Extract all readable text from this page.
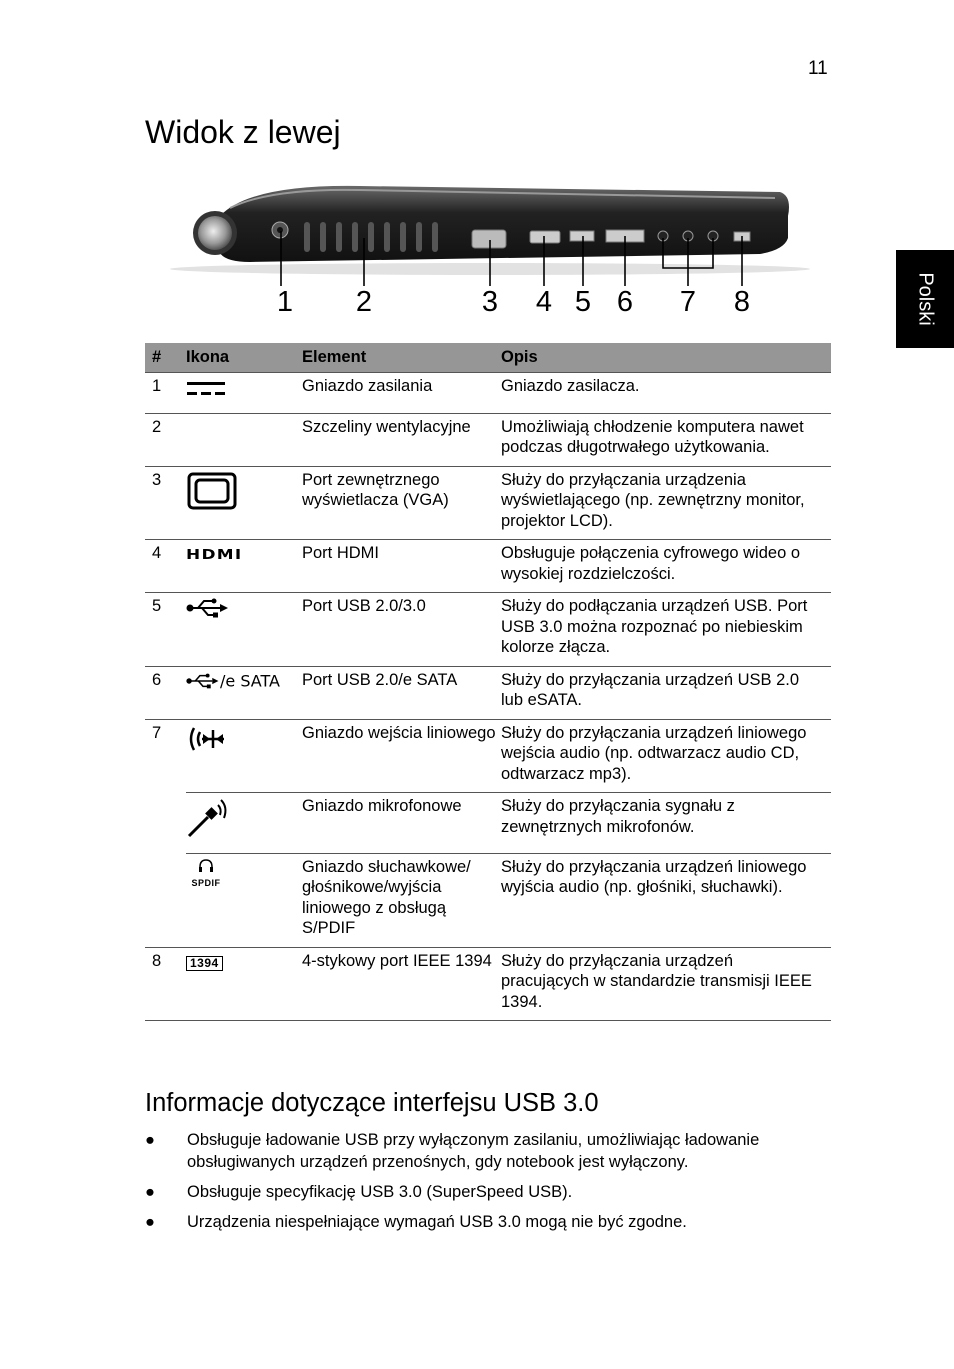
11
Widok z lewej
Polski
1 2	3 4 5 6 7 8
#	Ikona	Element	Opis
1		Gniazdo zasilania	Gniazdo zasilacza.
2		Szczeliny wentylacyjne	Umożliwiają chłodzenie komputera nawet podczas długotrwałego użytkowania.
3		Port zewnętrznego wyświetlacza (VGA)	Służy do przyłączania urządzenia wyświetlającego (np. zewnętrzny monitor, projektor LCD).
4	HDMI	Port HDMI	Obsługuje połączenia cyfrowego wideo o wysokiej rozdzielczości.
5		Port USB 2.0/3.0	Służy do podłączania urządzeń USB. Port USB 3.0 można rozpoznać po niebieskim kolorze złącza.
6	/e SATA	Port USB 2.0/e SATA	Służy do przyłączania urządzeń USB 2.0 lub eSATA.
7		Gniazdo wejścia liniowego	Służy do przyłączania urządzeń liniowego wejścia audio (np. odtwarzacz audio CD, odtwarzacz mp3).
		Gniazdo mikrofonowe	Służy do przyłączania sygnału z zewnętrznych mikrofonów.

	SPDIF	Gniazdo słuchawkowe/ głośnikowe/wyjścia liniowego z obsługą S/PDIF	Służy do przyłączania urządzeń liniowego wyjścia audio (np. głośniki, słuchawki).
8	1394	4-stykowy port IEEE 1394	Służy do przyłączania urządzeń pracujących w standardzie transmisji IEEE 1394.
Informacje dotyczące interfejsu USB 3.0
● Obsługuje ładowanie USB przy wyłączonym zasilaniu, umożliwiając ładowanie obsługiwanych urządzeń przenośnych, gdy notebook jest wyłączony.
● Obsługuje specyfikację USB 3.0 (SuperSpeed USB).
● Urządzenia niespełniające wymagań USB 3.0 mogą nie być zgodne.
